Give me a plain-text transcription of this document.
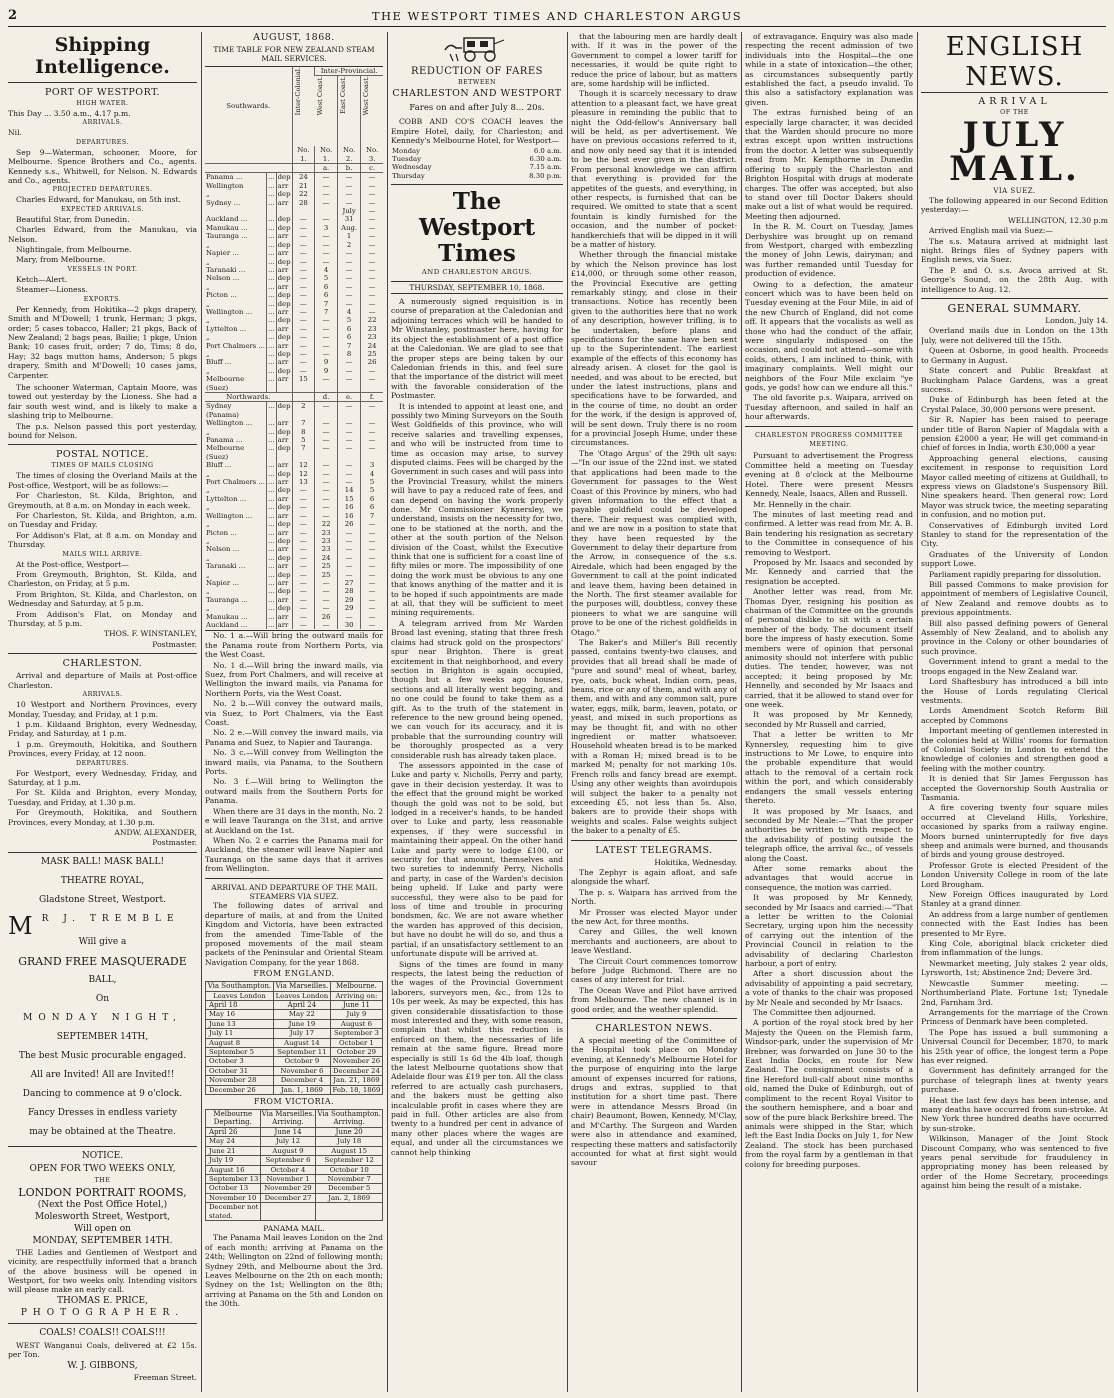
2	THE WESTPORT TIMES AND CHARLESTON ARGUS
Shipping Intelligence.
PORT OF WESTPORT.
HIGH WATER.
This Day ... 3.50 a.m., 4.17 p.m.
ARRIVALS.
Nil.
DEPARTURES.
Sep 9—Waterman, schooner, Moore, for Melbourne. Spence Brothers and Co., agents. Kennedy s.s., Whitwell, for Nelson. N. Edwards and Co., agents.
PROJECTED DEPARTURES.
Charles Edward, for Manukau, on 5th inst.
EXPECTED ARRIVALS.
Beautiful Star, from Dunedin.
Charles Edward, from the Manukau, via Nelson.
Nightingale, from Melbourne.
Mary, from Melbourne.
VESSELS IN PORT.
Ketch—Alert.
Steamer—Lioness.
EXPORTS.
Per Kennedy, from Hokitika—2 pkgs drapery, Smith and M'Dowell; 1 trunk, Herman; 3 pkgs, order; 5 cases tobacco, Haller; 21 pkgs, Back of New Zealand; 2 bags peas, Bailie; 1 pkge, Union Bank; 10 cases fruit, order; 7 do, Tims; 8 do, Hay; 32 bags mutton hams, Anderson; 5 pkgs drapery, Smith and M'Dowell; 10 cases jams, Carpenter.
The schooner Waterman, Captain Moore, was towed out yesterday by the Lioness. She had a fair south west wind, and is likely to make a slashing trip to Melbourne.
The p.s. Nelson passed this port yesterday, bound for Nelson.
POSTAL NOTICE.
TIMES OF MAILS CLOSING
The times of closing the Overland Mails at the Post-office, Westport, will be as follows:—
For Charleston, St. Kilda, Brighton, and Greymouth, at 8 a.m. on Monday in each week.
For Charleston, St. Kilda, and Brighton, a.m. on Tuesday and Friday.
For Addison's Flat, at 8 a.m. on Monday and Thursday.
MAILS WILL ARRIVE.
At the Post-office, Westport—
From Greymouth, Brighton, St. Kilda, and Charleston, on Friday, at 5 p.m.
From Brighton, St. Kilda, and Charleston, on Wednesday and Saturday, at 5 p.m.
From Addison's Flat, on Monday and Thursday, at 5 p.m.
THOS. F. WINSTANLEY,
Postmaster.
CHARLESTON.
Arrival and departure of Mails at Post-office Charleston.
ARRIVALS.
10 Westport and Northern Provinces, every Monday, Tuesday, and Friday, at 1 p.m.
1 p.m. Kildaand Brighton, every Wednesday, Friday, and Saturday, at 1 p.m.
1 p.m. Greymouth, Hokitika, and Southern Provinces, every Friday, at 12 noon.
DEPARTURES.
For Westport, every Wednesday, Friday, and Saturday, at 1 p.m.
For St. Kilda and Brighton, every Monday, Tuesday, and Friday, at 1.30 p.m.
For Greymouth, Hokitika, and Southern Provinces, every Monday, at 1.30 p.m.
ANDW. ALEXANDER,
Postmaster.
MASK BALL! MASK BALL!
THEATRE ROYAL,
Gladstone Street, Westport.
M R J. TREMBLE
Will give a
GRAND FREE MASQUERADE
BALL,
On
MONDAY NIGHT,
SEPTEMBER 14TH,
The best Music procurable engaged.
All are Invited! All are Invited!!
Dancing to commence at 9 o'clock.
Fancy Dresses in endless variety
may be obtained at the Theatre.
NOTICE.
OPEN FOR TWO WEEKS ONLY,
THE
LONDON PORTRAIT ROOMS,
(Next the Post Office Hotel,)
Molesworth Street, Westport,
Will open on
MONDAY, SEPTEMBER 14TH.
THE Ladies and Gentlemen of Westport and vicinity, are respectfully informed that a branch of the above business will be opened in Westport, for two weeks only. Intending visitors will please make an early call.
THOMAS E. PRICE,
PHOTOGRAPHER.
COALS! COALS!! COALS!!!
WEST Wanganui Coals, delivered at £2 15s. per Ton.
W. J. GIBBONS,
Freeman Street.
AUGUST, 1868.
TIME TABLE FOR NEW ZEALAND STEAM MAIL SERVICES.
Southwards.			Inter-Colonial.	Inter-Provincial.		
				West Coast.	East Coast.	West Coast.
			No. 1.	No. 1.	No. 2.	No. 3.
				a.	b.	c.
Panama ...	...	dep	24	—	—	—
Wellington	...	arr	21	—	—	—
„	...	dep	22	—	—	—
Sydney ...	...	arr	28	—	—	—
					July	—
Auckland ...	...	dep	—	—	31	—
Manukau ...	...	dep	—	3	Aug.	—
Tauranga ...	...	arr	—	—	1	—
„	...	dep	—	—	2	—
Napier ...	...	arr	—	—	—	—
„	...	dep	—	—	—	—
Taranaki ...	...	arr	—	4	—	—
Nelson ...	...	dep	—	5	—	—
„	...	arr	—	6	—	—
Picton ...	...	dep	—	6	—	—
„	...	dep	—	7	—	—
Wellington ...	...	arr	—	7	4	—
„	...	dep	—	—	5	22
Lyttelton ...	...	arr	—	—	6	23
„	...	dep	—	—	6	23
Port Chalmers ...	...	arr	—	—	7	24
„	...	dep	—	—	8	25
Bluff ...	...	arr	—	9	—	26
„	...	dep	—	9	—	—
Melbourne (Suez)	...	arr	15	—	—	—
Northwards.				d.	e.	f.
Sydney (Panama)	...	dep	2	—	—	—
Wellington ...	...	arr	7	—	—	—
„	...	dep	8	—	—	—
Panama ...	...	arr	5	—	—	—
Melbourne (Suez)	...	dep	7	—	—	—
Bluff ...	...	arr	12	—	—	3
„	...	dep	12	—	—	4
Port Chalmers ...	...	arr	13	—	—	5
„	...	dep	—	—	14	5
Lyttelton ...	...	arr	—	—	15	6
„	...	dep	—	—	16	6
Wellington ...	...	arr	—	—	16	7
„	...	dep	—	22	26	—
Picton ...	...	arr	—	23	—	—
„	...	dep	—	23	—	—
Nelson ...	...	arr	—	23	—	—
„	...	dep	—	24	—	—
Taranaki ...	...	arr	—	25	—	—
„	...	dep	—	25	—	—
Napier ...	...	arr	—	—	27	—
„	...	dep	—	—	28	—
Tauranga ...	...	arr	—	—	29	—
„	...	dep	—	—	29	—
Manukau ...	...	arr	—	26	—	—
Auckland ...	...	arr	—	—	30	—
No. 1 a.—Will bring the outward mails for the Panama route from Northern Ports, via the West Coast.
No. 1 d.—Will bring the inward mails, via Suez, from Port Chalmers, and will receive at Wellington the inward mails, via Panama for Northern Ports, via the West Coast.
No. 2 b.—Will convey the outward mails, via Suez, to Port Chalmers, via the East Coast.
No. 2 e.—Will convey the inward mails, via Panama and Suez, to Napier and Tauranga.
No. 3 c.—Will convey from Wellington the inward mails, via Panama, to the Southern Ports.
No. 3 f.—Will bring to Wellington the outward mails from the Southern Ports for Panama.
When there are 31 days in the month, No. 2 e will leave Tauranga on the 31st, and arrive at Auckland on the 1st.
When No. 2 e carries the Panama mail for Auckland, the steamer will leave Napier and Tauranga on the same days that it arrives from Wellington.
ARRIVAL AND DEPARTURE OF THE MAIL STEAMERS VIA SUEZ.
The following dates of arrival and departure of mails, at and from the United Kingdom and Victoria, have been extracted from the amended Time-Table of the proposed movements of the mail steam packets of the Peninsular and Oriental Steam Navigation Company, for the year 1868.
FROM ENGLAND.
Via Southampton.	Via Marseilles.	Melbourne.
Leaves London	Leaves London	Arriving on:
April 18	April 24	June 11
May 16	May 22	July 9
June 13	June 19	August 6
July 11	July 17	September 3
August 8	August 14	October 1
September 5	September 11	October 29
October 3	October 9	November 26
October 31	November 6	December 24
November 28	December 4	Jan. 21, 1869
December 26	Jan. 1, 1869	Feb. 18, 1869
FROM VICTORIA.
Melbourne Departing.	Via Marseilles. Arriving.	Via Southampton. Arriving.
April 26	June 14	June 20
May 24	July 12	July 18
June 21	August 9	August 15
July 19	September 6	September 12
August 16	October 4	October 10
September 13	November 1	November 7
October 13	November 29	December 5
November 10	December 27	Jan. 2, 1869
December not stated.		
PANAMA MAIL.
The Panama Mail leaves London on the 2nd of each month; arriving at Panama on the 24th; Wellington on 22nd of following month; Sydney 29th, and Melbourne about the 3rd. Leaves Melbourne on the 2th on each month; Sydney on the 1st; Wellington on the 8th; arriving at Panama on the 5th and London on the 30th.
REDUCTION OF FARES
BETWEEN
CHARLESTON AND WESTPORT
Fares on and after July 8... 20s.
COBB AND CO'S COACH leaves the Empire Hotel, daily, for Charleston; and Kennedy's Melbourne Hotel, for Westport—
Monday	6.0 a.m.
Tuesday	6.30 a.m.
Wednesday	7.15 a.m.
Thursday	8.30 p.m.
The Westport Times
AND CHARLESTON ARGUS.
THURSDAY, SEPTEMBER 10, 1868.
A numerously signed requisition is in course of preparation at the Caledonian and adjoining terraces which will be handed to Mr Winstanley, postmaster here, having for its object the establishment of a post office at the Caledonian. We are glad to see that the proper steps are being taken by our Caledonian friends in this, and feel sure that the importance of the district will meet with the favorable consideration of the Postmaster.
It is intended to appoint at least one, and possibly two Mining Surveyors on the South West Goldfields of this province, who will receive salaries and travelling expenses, and who will be instructed from time to time as occasion may arise, to survey disputed claims. Fees will be charged by the Government in such cases and will pass into the Provincial Treasury, whilst the miners will have to pay a reduced rate of fees, and can depend on having the work properly done. Mr Commissioner Kynnersley, we understand, insists on the necessity for two, one to be stationed at the north, and the other at the south portion of the Nelson division of the Coast, whilst the Executive think that one is sufficient for a coast line of fifty miles or more. The impossibility of one doing the work must be obvious to any one that knows anything of the matter and it is to be hoped if such appointments are made at all, that they will be sufficient to meet mining requirements.
A telegram arrived from Mr Warden Broad last evening, stating that three fresh claims had struck gold on the prospectors' spur near Brighton. There is great excitement in that neighborhood, and every section in Brighton is again occupied, though but a few weeks ago houses, sections and all literally went begging, and no one could be found to take them as a gift. As to the truth of the statement in reference to the new ground being opened, we can vouch for its accuracy, and it is probable that the surrounding country will be thoroughly prospected as a very considerable rush has already taken place.
The assessors appointed in the case of Luke and party v. Nicholls, Perry and party, gave in their decision yesterday. It was to the effect that the ground might be worked though the gold was not to be sold, but lodged in a receiver's hands, to be handed over to Luke and party, less reasonable expenses, if they were successful in maintaining their appeal. On the other hand Luke and party were to lodge £100, or security for that amount, themselves and two sureties to indemnify Perry, Nicholls and party, in case of the Warden's decision being upheld. If Luke and party were successful, they were also to be paid for loss of time and trouble in procuring bondsmen, &c. We are not aware whether the warden has approved of this decision, but have no doubt he will do so, and thus a partial, if an unsatisfactory settlement to an unfortunate dispute will be arrived at.
Signs of the times are found in many respects, the latest being the reduction of the wages of the Provincial Government laborers, surveyors men, &c., from 12s to 10s per week. As may be expected, this has given considerable dissatisfaction to those most interested and they, with some reason, complain that whilst this reduction is enforced on them, the necessaries of life remain at the same figure. Bread more especially is still 1s 6d the 4lb loaf, though the latest Melbourne quotations show that Adelaide flour was £19 per ton. All the class referred to are actually cash purchasers, and the bakers must be getting also incalculable profit in cases where they are paid in full. Other articles are also from twenty to a hundred per cent in advance of many other places where the wages are equal, and under all the circumstances we cannot help thinking
that the labouring men are hardly dealt with. If it was in the power of the Government to compel a lower tariff for necessaries, it would be quite right to reduce the price of labour, but as matters are, some hardship will be inflicted.
Though it is scarcely necessary to draw attention to a pleasant fact, we have great pleasure in reminding the public that to night the Odd-fellow's Anniversary ball will be held, as per advertisement. We have on previous occasions referred to it, and now only need say that it is intended to be the best ever given in the district. From personal knowledge we can affirm that everything is provided for the appetites of the guests, and everything, in other respects, is furnished that can be required. We omitted to state that a scent fountain is kindly furnished for the occasion, and the number of pocket-handkerchiefs that will be dipped in it will be a matter of history.
Whether through the financial mistake by which the Nelson province has lost £14,000, or through some other reason, the Provincial Executive are getting remarkably stingy, and close in their transactions. Notice has recently been given to the authorities here that no work of any description, however trifling, is to be undertaken, before plans and specifications for the same have ben sent up to the Superintendent. The earliest example of the effects of this economy has already arisen. A closet for the gaol is needed, and was about to be erected, but under the latest instructions, plans and specifications have to be forwarded, and in the course of time, no doubt an order for the work, if the design is approved of, will be sent down. Truly there is no room for a provincial Joseph Hume, under these circumstances.
The 'Otago Argus' of the 29th ult says:—"In our issue of the 22nd inst. we stated that applications had been made to the Government for passages to the West Coast of this Province by miners, who had given information to the effect that a payable goldfield could be developed there. Their request was complied with, and we are now in a position to state that they have been requested by the Government to delay their departure from the Arrow, in consequence of the s.s. Airedale, which had been engaged by the Government to call at the point indicated and leave them, having been detained in the North. The first steamer available for the purposes will, doubtless, convey these pioneers to what we are sanguine will prove to be one of the richest goldfields in Otago."
The Baker's and Miller's Bill recently passed, contains twenty-two clauses, and provides that all bread shall be made of "pure and sound" meal of wheat, barley, rye, oats, buck wheat, Indian corn, peas, beans, rice or any of them, and with any of them, and with and any common salt, pure water, eggs, milk, barm, leaven, potato, or yeast, and mixed in such proportions as may be thought fit, and with no other ingredient or matter whatsoever. Household wheaten bread is to be marked with a Roman H; mixed bread is to be marked M; penalty for not marking 10s. French rolls and fancy bread are exempt. Using any other weights than avoirdupois will subject the baker to a penalty not exceeding £5, not less than 5s. Also, bakers are to provide their shops with weights and scales. False weights subject the baker to a penalty of £5.
LATEST TELEGRAMS.
Hokitika, Wednesday.
The Zephyr is again afloat, and safe alongside the wharf.
The p. s. Waipara has arrived from the North.
Mr Prosser was elected Mayor under the new Act, for three months.
Carey and Gilles, the well known merchants and auctioneers, are about to leave Westland.
The Circuit Court commences tomorrow before Judge Richmond. There are no cases of any interest for trial.
The Ocean Wave and Pilot have arrived from Melbourne. The new channel is in good order, and the weather splendid.
CHARLESTON NEWS.
A special meeting of the Committee of the Hospital took place on Monday evening, at Kennedy's Melbourne Hotel for the purpose of enquiring into the large amount of expenses incurred for rations, drugs and extras, supplied to that institution for a short time past. There were in attendance Messrs Broad (in chair) Beaumont, Bowen, Kennedy, M'Clay, and M'Carthy. The Surgeon and Warden were also in attendance and examined, respecting these matters and satisfactorily accounted for what at first sight would savour
of extravagance. Enquiry was also made respecting the recent admission of two individuals into the Hospital—the one while in a state of intoxication—the other, as circumstances subsequently partly established the fact, a pseudo invalid. To this also a satisfactory explanation was given.
The extras furnished being of an especially large character, it was decided that the Warden should procure no more extras except upon written instructions from the doctor. A letter was subsequently read from Mr. Kempthorne in Dunedin offering to supply the Charleston and Brighton Hospital with drugs at moderate charges. The offer was accepted, but also to stand over till Doctor Dakers should make out a list of what would be required. Meeting then adjourned.
In the R. M. Court on Tuesday, James Derbyshire was brought up on remand from Westport, charged with embezzling the money of John Lewis, dairyman; and was further remanded until Tuesday for production of evidence.
Owing to a defection, the amateur concert which was to have been held on Tuesday evening at the Four Mile, in aid of the new Church of England, did not come off. It appears that the vocalists as well as those who had the conduct of the affair, were singularly indisposed on the occasion, and could not attend—some with colds, others, I am inclined to think, with imaginary complaints. Well might our neighbors of the Four Mile exclaim "ye gods, ye gods! how can we endure all this."
The old favorite p.s. Waipara, arrived on Tuesday afternoon, and sailed in half an hour afterwards.
CHARLESTON PROGRESS COMMITTEE MEETING.
Pursuant to advertisement the Progress Committee held a meeting on Tuesday evening at 8 o'clock at the Melbourne Hotel. There were present Messrs Kennedy, Neale, Isaacs, Allen and Russell.
Mr. Hennelly in the chair.
The minutes of last meeting read and confirmed. A letter was read from Mr. A. B. Bain tendering his resignation as secretary to the Committee in consequence of his removing to Westport.
Proposed by Mr. Isaacs and seconded by Mr. Kennedy and carried that the resignation be accepted.
Another letter was read, from Mr. Thomas Dyer, resigning his position as chairman of the Committee on the grounds of personal dislike to sit with a certain member of the body. The document itself bore the impress of hasty execution. Some members were of opinion that personal animosity should not interfere with public duties. The tender, however, was not accepted; it being proposed by Mr. Hennelly, and seconded by Mr Isaacs and carried, that it be allowed to stand over for one week.
It was proposed by Mr Kennedy, seconded by Mr Russell and carried,
That a letter be written to Mr Kynnersley, requesting him to give instructions to Mr Lowe, to enquire into the probable expenditure that would attach to the removal of a certain rock within the port, and which considerably endangers the small vessels entering thereto.
It was proposed by Mr Isaacs, and seconded by Mr Neale:—"That the proper authorities be written to with respect to the advisability of posting outside the telegraph office, the arrival &c., of vessels along the Coast.
After some remarks about the advantages that would accrue in consequence, the motion was carried.
It was proposed by Mr Kennedy, seconded by Mr Isaacs and carried:—"That a letter be written to the Colonial Secretary, urging upon him the necessity of carrying out the intention of the Provincial Council in relation to the advisability of declaring Charleston harbour, a port of entry.
After a short discussion about the advisability of appointing a paid secretary, a vote of thanks to the chair was proposed by Mr Neale and seconded by Mr Isaacs.
The Committee then adjourned.
A portion of the royal stock bred by her Majesty the Queen on the Flemish farm, Windsor-park, under the supervision of Mr Brebner, was forwarded on June 30 to the East India Docks, en route for New Zealand. The consignment consists of a fine Hereford bull-calf about nine months old, named the Duke of Edinburgh, out of compliment to the recent Royal Visitor to the southern hemisphere, and a boar and sow of the pure black Berkshire breed. The animals were shipped in the Star, which left the East India Docks on July 1, for New Zealand. The stock has been purchased from the royal farm by a gentleman in that colony for breeding purposes.
ENGLISH NEWS.
ARRIVAL
OF THE
JULY MAIL.
VIA SUEZ.
The following appeared in our Second Edition yesterday:—
WELLINGTON, 12.30 p.m
Arrived English mail via Suez:—
The s.s. Mataura arrived at midnight last night. Brings files of Sydney papers with English news, via Suez.
The P. and O. s.s. Avoca arrived at St. George's Sound, on the 28th Aug. with intelligence to Aug. 12.
GENERAL SUMMARY.
London, July 14.
Overland mails due in London on the 13th July, were not delivered till the 15th.
Queen at Osborne, in good health. Proceeds to Germany in August.
State concert and Public Breakfast at Buckingham Palace Gardens, was a great success.
Duke of Edinburgh has been feted at the Crystal Palace, 30,000 persons were present.
Sir R. Napier has been raised to peerage under title of Baron Napier of Magdala with a pension £2000 a year, He will get command-in chief of forces in India, worth £30,000 a year
Approaching general elections, causing excitement in response to requisition Lord Mayor called meeting of citizens at Guildhall, to express views on Gladstone's Suspensory Bill. Nine speakers heard. Then general row; Lord Mayor was struck twice, the meeting separating in confusion, and no motion put.
Conservatives of Edinburgh invited Lord Stanley to stand for the representation of the City.
Graduates of the University of London support Lowe.
Parliament rapidly preparing for dissolution.
Bill passed Commons to make provision for appointment of members of Legislative Council, of New Zealand and remove doubts as to previous appointments.
Bill also passed defining powers of General Assembly of New Zealand, and to abolish any province in the Colony or other boundaries of such province.
Government intend to grant a medal to the troops engaged in the New Zealand war.
Lord Shaftesbury has introduced a bill into the House of Lords regulating Clerical vestments.
Lords Amendment Scotch Reform Bill accepted by Commons
Important meeting of gentlemen interested in the colonies held at Willis' rooms for formation of Colonial Society in London to extend the knowledge of colonies and strengthen good a feeling with the mother country.
It is denied that Sir James Fergusson has accepted the Governorship South Australia or Tasmania.
A fire covering twenty four square miles occurred at Cleveland Hills, Yorkshire, occasioned by sparks from a railway engine. Moors burned uninterruptedly for five days sheep and animals were burned, and thousands of birds and young grouse destroyed.
Professor Grote is elected President of the London University College in room of the late Lord Brougham.
New Foreign Offices inaugurated by Lord Stanley at a grand dinner.
An address from a large number of gentlemen connected with the East Indies has been presented to Mr Eyre.
King Cole, aboriginal black cricketer died from inflammation of the lungs.
Newmarket meeting, July stakes 2 year olds, Lyrsworth, 1st; Abstinence 2nd; Devere 3rd.
Newcastle Summer meeting. — Northumberland Plate. Fortune 1st; Tynedale 2nd, Farnham 3rd.
Arrangements for the marriage of the Crown Princess of Denmark have been completed.
The Pope has issued a bull summoning a Universal Council for December, 1870, to mark his 25th year of office, the longest term a Pope has ever reigned.
Government has definitely arranged for the purchase of telegraph lines at twenty years purchase.
Heat the last few days has been intense, and many deaths have occurred from sun-stroke. At New York three hundred deaths have occurred by sun-stroke.
Wilkinson, Manager of the Joint Stock Discount Company, who was sentenced to five years penal servitude for fraudulency in appropriating money has been released by order of the Home Secretary, proceedings against him being the result of a mistake.
